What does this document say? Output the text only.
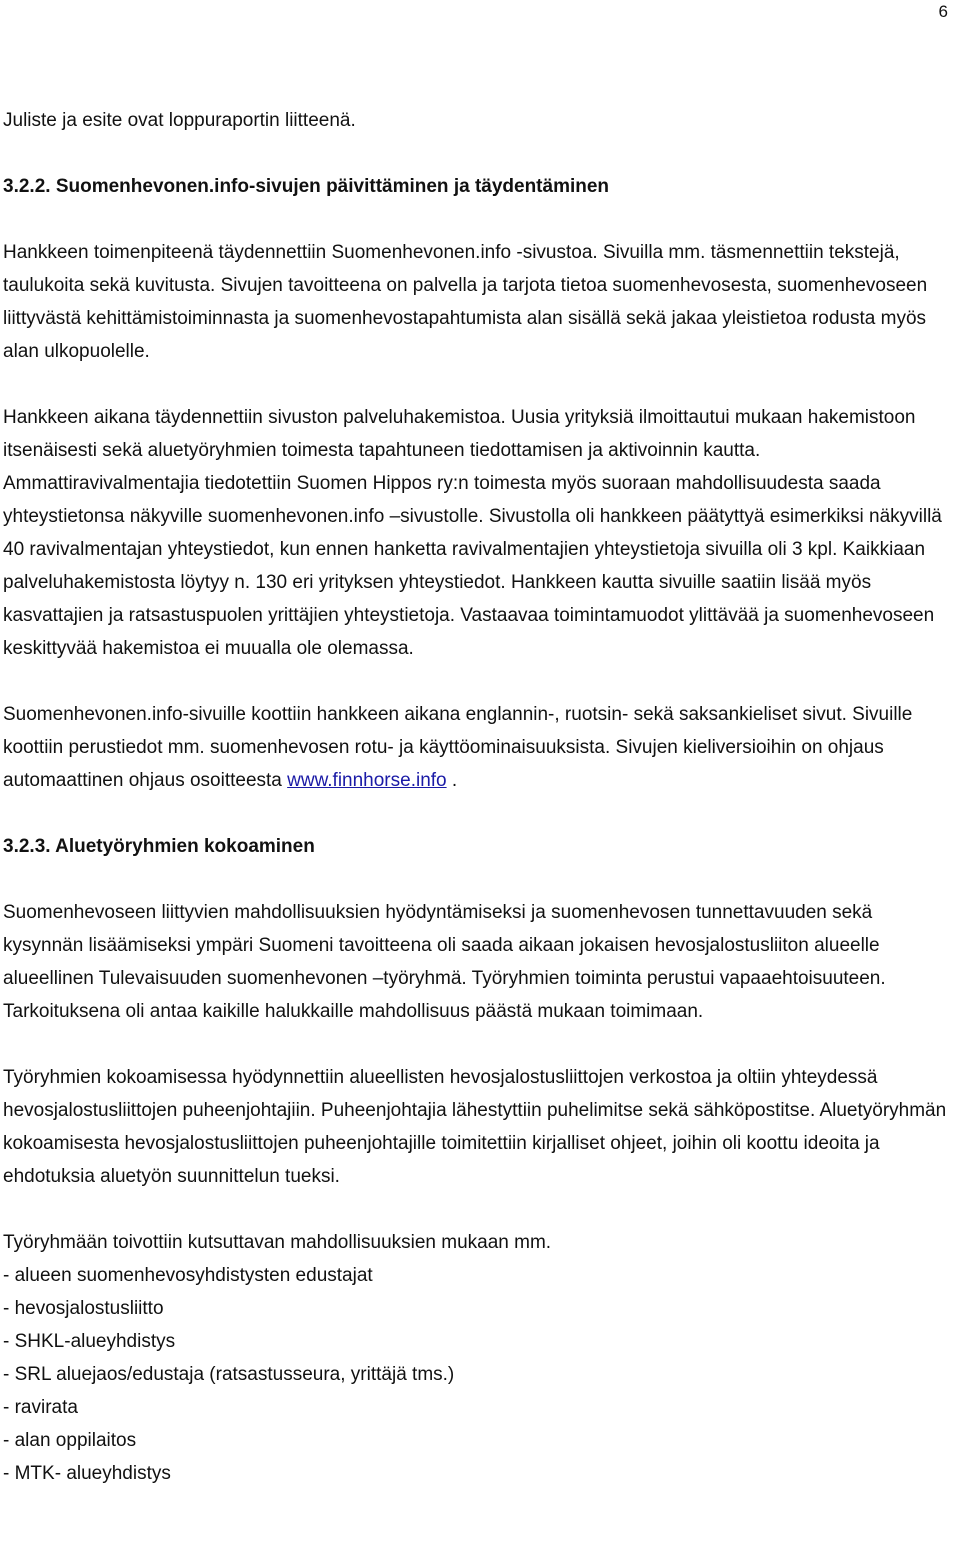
6

Juliste ja esite ovat loppuraportin liitteenä.

3.2.2. Suomenhevonen.info-sivujen päivittäminen ja täydentäminen

Hankkeen toimenpiteenä täydennettiin Suomenhevonen.info -sivustoa. Sivuilla mm. täsmennettiin tekstejä, taulukoita sekä kuvitusta. Sivujen tavoitteena on palvella ja tarjota tietoa suomenhevosesta, suomenhevoseen liittyvästä kehittämistoiminnasta ja suomenhevostapahtumista alan sisällä sekä jakaa yleistietoa rodusta myös alan ulkopuolelle.

Hankkeen aikana täydennettiin sivuston palveluhakemistoa. Uusia yrityksiä ilmoittautui mukaan hakemistoon itsenäisesti sekä aluetyöryhmien toimesta tapahtuneen tiedottamisen ja aktivoinnin kautta. Ammattiravivalmentajia tiedotettiin Suomen Hippos ry:n toimesta myös suoraan mahdollisuudesta saada yhteystietonsa näkyville suomenhevonen.info –sivustolle. Sivustolla oli hankkeen päätyttyä esimerkiksi näkyvillä 40 ravivalmentajan yhteystiedot, kun ennen hanketta ravivalmentajien yhteystietoja sivuilla oli 3 kpl. Kaikkiaan palveluhakemistosta löytyy n. 130 eri yrityksen yhteystiedot. Hankkeen kautta sivuille saatiin lisää myös kasvattajien ja ratsastuspuolen yrittäjien yhteystietoja. Vastaavaa toimintamuodot ylittävää ja suomenhevoseen keskittyvää hakemistoa ei muualla ole olemassa.

Suomenhevonen.info-sivuille koottiin hankkeen aikana englannin-, ruotsin- sekä saksankieliset sivut. Sivuille koottiin perustiedot mm. suomenhevosen rotu- ja käyttöominaisuuksista. Sivujen kieliversioihin on ohjaus automaattinen ohjaus osoitteesta www.finnhorse.info .

3.2.3. Aluetyöryhmien kokoaminen

Suomenhevoseen liittyvien mahdollisuuksien hyödyntämiseksi ja suomenhevosen tunnettavuuden sekä kysynnän lisäämiseksi ympäri Suomeni tavoitteena oli saada aikaan jokaisen hevosjalostusliiton alueelle alueellinen Tulevaisuuden suomenhevonen –työryhmä. Työryhmien toiminta perustui vapaaehtoisuuteen. Tarkoituksena oli antaa kaikille halukkaille mahdollisuus päästä mukaan toimimaan.

Työryhmien kokoamisessa hyödynnettiin alueellisten hevosjalostusliittojen verkostoa ja oltiin yhteydessä hevosjalostusliittojen puheenjohtajiin. Puheenjohtajia lähestyttiin puhelimitse sekä sähköpostitse. Aluetyöryhmän kokoamisesta hevosjalostusliittojen puheenjohtajille toimitettiin kirjalliset ohjeet, joihin oli koottu ideoita ja ehdotuksia aluetyön suunnittelun tueksi.

Työryhmään toivottiin kutsuttavan mahdollisuuksien mukaan mm.

- alueen suomenhevosyhdistysten edustajat
- hevosjalostusliitto
- SHKL-alueyhdistys
- SRL aluejaos/edustaja (ratsastusseura, yrittäjä tms.)
- ravirata
- alan oppilaitos
- MTK- alueyhdistys
